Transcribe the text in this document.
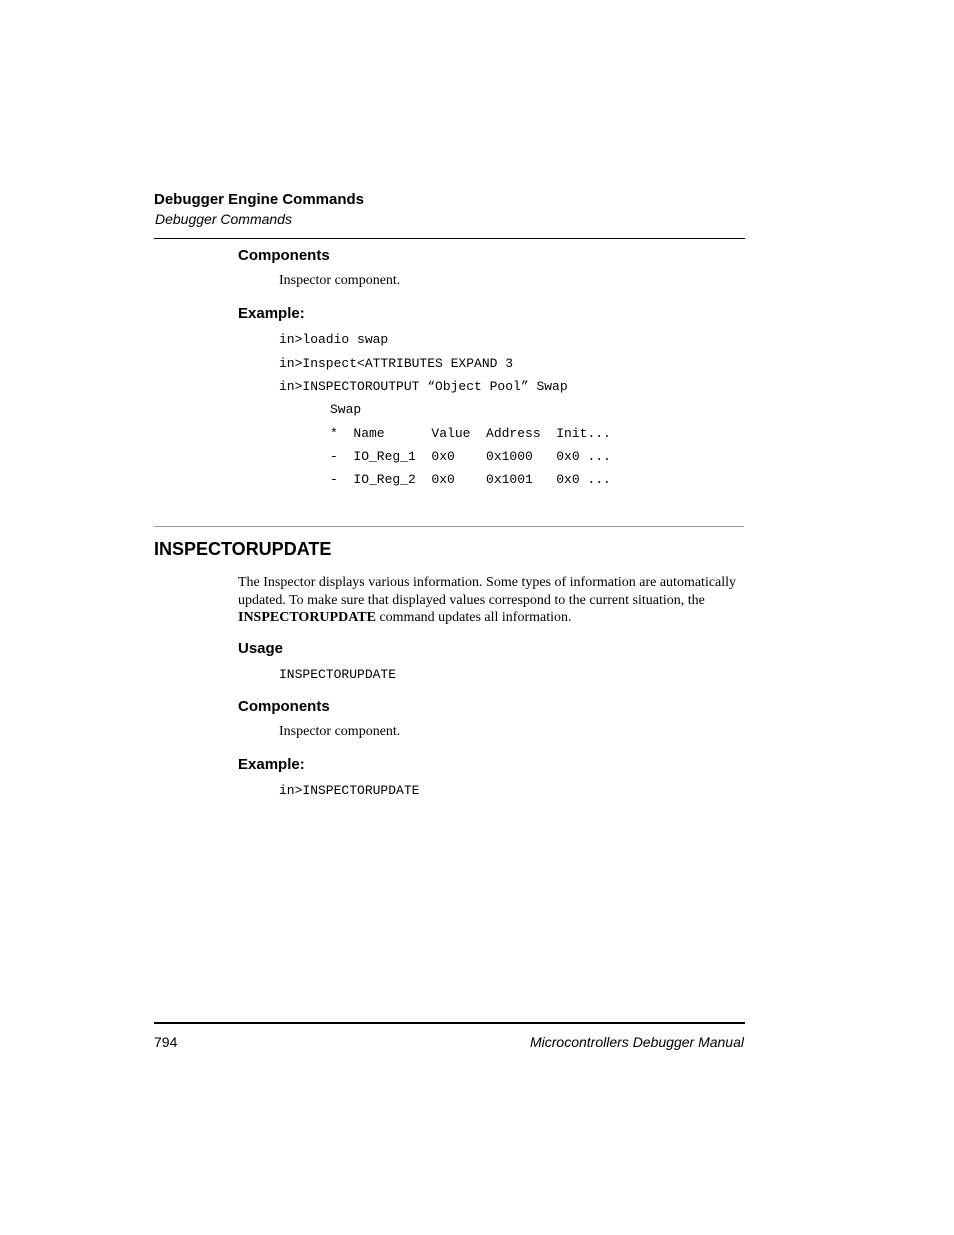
Debugger Engine Commands
Debugger Commands
Components
Inspector component.
Example:
in>loadio swap
in>Inspect<ATTRIBUTES EXPAND 3
in>INSPECTOROUTPUT “Object Pool” Swap
Swap
*  Name      Value  Address  Init...
-  IO_Reg_1  0x0    0x1000   0x0 ...
-  IO_Reg_2  0x0    0x1001   0x0 ...
INSPECTORUPDATE
The Inspector displays various information. Some types of information are automatically updated. To make sure that displayed values correspond to the current situation, the INSPECTORUPDATE command updates all information.
Usage
INSPECTORUPDATE
Components
Inspector component.
Example:
in>INSPECTORUPDATE
794	Microcontrollers Debugger Manual
